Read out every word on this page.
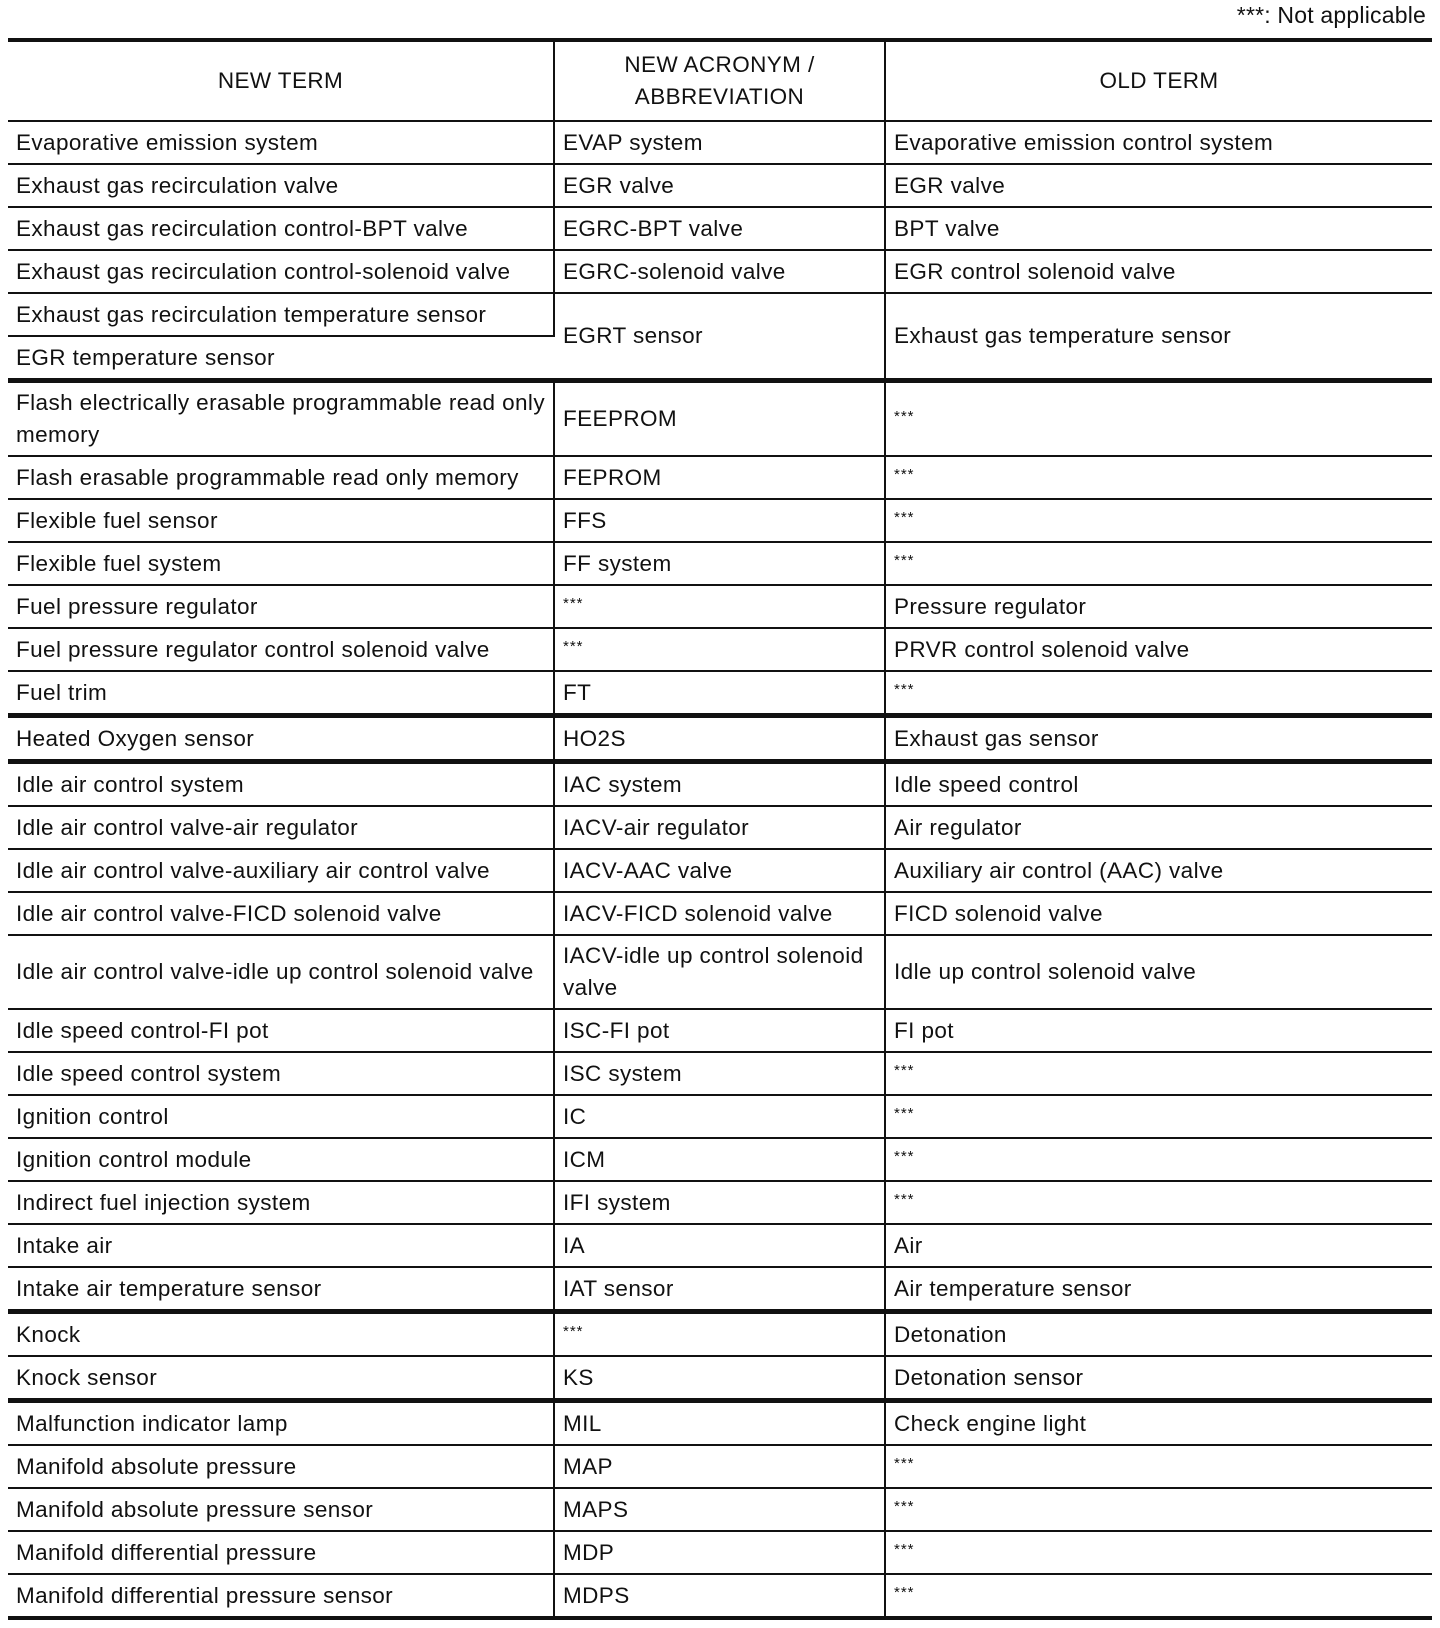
***: Not applicable
NEW TERM	NEW ACRONYM / ABBREVIATION	OLD TERM
Evaporative emission system	EVAP system	Evaporative emission control system
Exhaust gas recirculation valve	EGR valve	EGR valve
Exhaust gas recirculation control-BPT valve	EGRC-BPT valve	BPT valve
Exhaust gas recirculation control-solenoid valve	EGRC-solenoid valve	EGR control solenoid valve
Exhaust gas recirculation temperature sensor	EGRT sensor	Exhaust gas temperature sensor
EGR temperature sensor		
Flash electrically erasable programmable read only memory	FEEPROM	***
Flash erasable programmable read only memory	FEPROM	***
Flexible fuel sensor	FFS	***
Flexible fuel system	FF system	***
Fuel pressure regulator	***	Pressure regulator
Fuel pressure regulator control solenoid valve	***	PRVR control solenoid valve
Fuel trim	FT	***
Heated Oxygen sensor	HO2S	Exhaust gas sensor
Idle air control system	IAC system	Idle speed control
Idle air control valve-air regulator	IACV-air regulator	Air regulator
Idle air control valve-auxiliary air control valve	IACV-AAC valve	Auxiliary air control (AAC) valve
Idle air control valve-FICD solenoid valve	IACV-FICD solenoid valve	FICD solenoid valve
Idle air control valve-idle up control solenoid valve	IACV-idle up control solenoid valve	Idle up control solenoid valve
Idle speed control-FI pot	ISC-FI pot	FI pot
Idle speed control system	ISC system	***
Ignition control	IC	***
Ignition control module	ICM	***
Indirect fuel injection system	IFI system	***
Intake air	IA	Air
Intake air temperature sensor	IAT sensor	Air temperature sensor
Knock	***	Detonation
Knock sensor	KS	Detonation sensor
Malfunction indicator lamp	MIL	Check engine light
Manifold absolute pressure	MAP	***
Manifold absolute pressure sensor	MAPS	***
Manifold differential pressure	MDP	***
Manifold differential pressure sensor	MDPS	***
